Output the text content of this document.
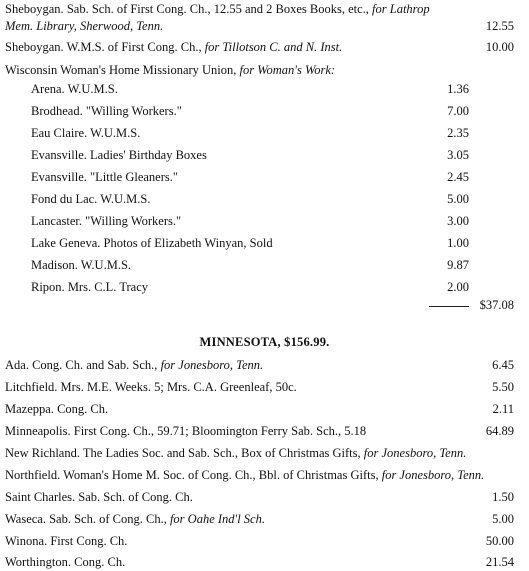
Sheboygan. Sab. Sch. of First Cong. Ch., 12.55 and 2 Boxes Books, etc., for Lathrop
Mem. Library, Sherwood, Tenn.	12.55
Sheboygan. W.M.S. of First Cong. Ch., for Tillotson C. and N. Inst.	10.00
Wisconsin Woman's Home Missionary Union, for Woman's Work:
Arena. W.U.M.S.	1.36
Brodhead. "Willing Workers."	7.00
Eau Claire. W.U.M.S.	2.35
Evansville. Ladies' Birthday Boxes	3.05
Evansville. "Little Gleaners."	2.45
Fond du Lac. W.U.M.S.	5.00
Lancaster. "Willing Workers."	3.00
Lake Geneva. Photos of Elizabeth Winyan, Sold	1.00
Madison. W.U.M.S.	9.87
Ripon. Mrs. C.L. Tracy	2.00
$37.08
MINNESOTA, $156.99.
Ada. Cong. Ch. and Sab. Sch., for Jonesboro, Tenn.	6.45
Litchfield. Mrs. M.E. Weeks. 5; Mrs. C.A. Greenleaf, 50c.	5.50
Mazeppa. Cong. Ch.	2.11
Minneapolis. First Cong. Ch., 59.71; Bloomington Ferry Sab. Sch., 5.18	64.89
New Richland. The Ladies Soc. and Sab. Sch., Box of Christmas Gifts, for Jonesboro, Tenn.
Northfield. Woman's Home M. Soc. of Cong. Ch., Bbl. of Christmas Gifts, for Jonesboro, Tenn.
Saint Charles. Sab. Sch. of Cong. Ch.	1.50
Waseca. Sab. Sch. of Cong. Ch., for Oahe Ind'l Sch.	5.00
Winona. First Cong. Ch.	50.00
Worthington. Cong. Ch.	21.54
